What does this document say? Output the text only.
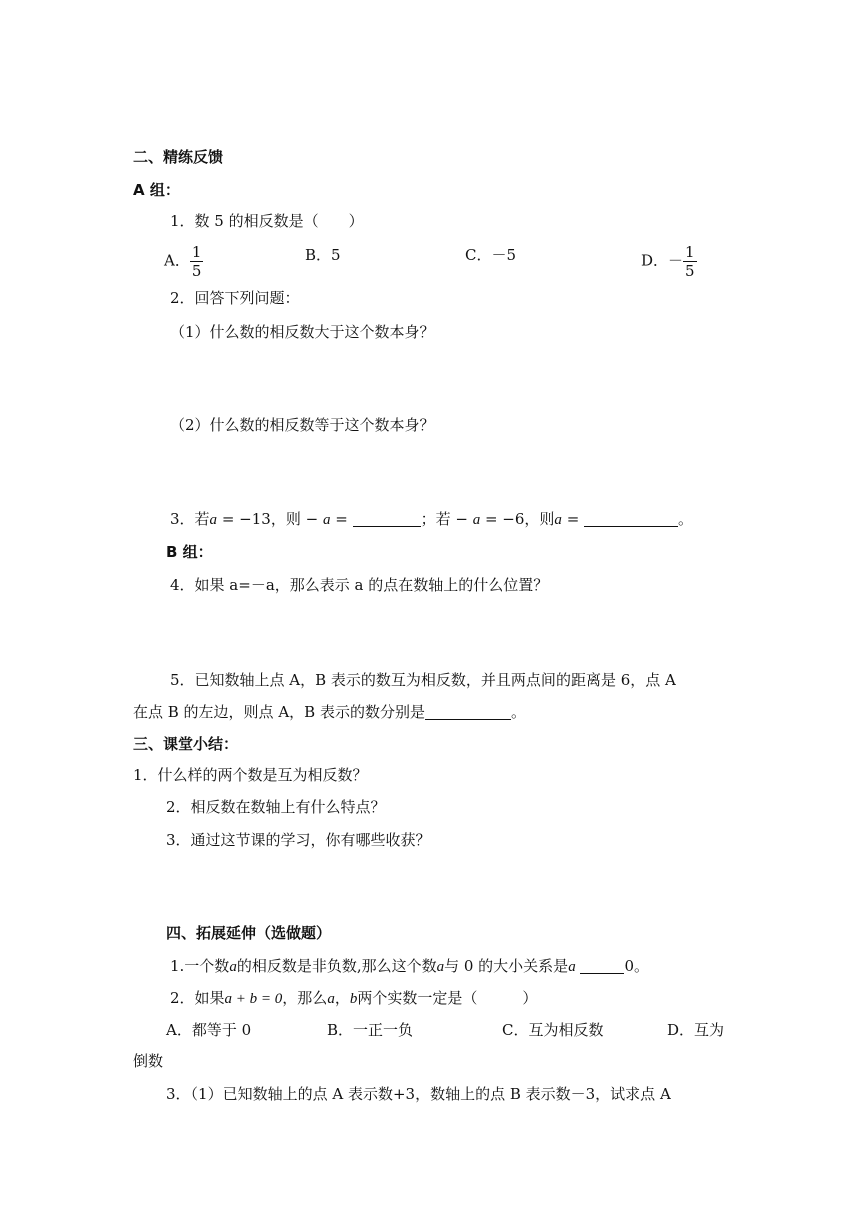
二、精练反馈
A 组：
1．数 5 的相反数是（　　）
A． $\frac{1}{5}$	B．5	C．－5	D．－ $\frac{1}{5}$
2．回答下列问题：
（1）什么数的相反数大于这个数本身？
（2）什么数的相反数等于这个数本身？
3．若a = −13，则 − a =	；若 − a = −6，则a =	。
B 组：
4．如果 a=－a，那么表示 a 的点在数轴上的什么位置？
5．已知数轴上点 A，B 表示的数互为相反数，并且两点间的距离是 6，点 A
在点 B 的左边，则点 A，B 表示的数分别是	。
三、课堂小结：
1．什么样的两个数是互为相反数？
2．相反数在数轴上有什么特点？
3．通过这节课的学习，你有哪些收获？
四、拓展延伸（选做题）
1.一个数a的相反数是非负数,那么这个数a与 0 的大小关系是a	0。
2．如果a + b = 0，那么a，b两个实数一定是（　　　）
A．都等于 0	B．一正一负	C．互为相反数	D．互为
倒数
3．（1）已知数轴上的点 A 表示数+3，数轴上的点 B 表示数－3，试求点 A
